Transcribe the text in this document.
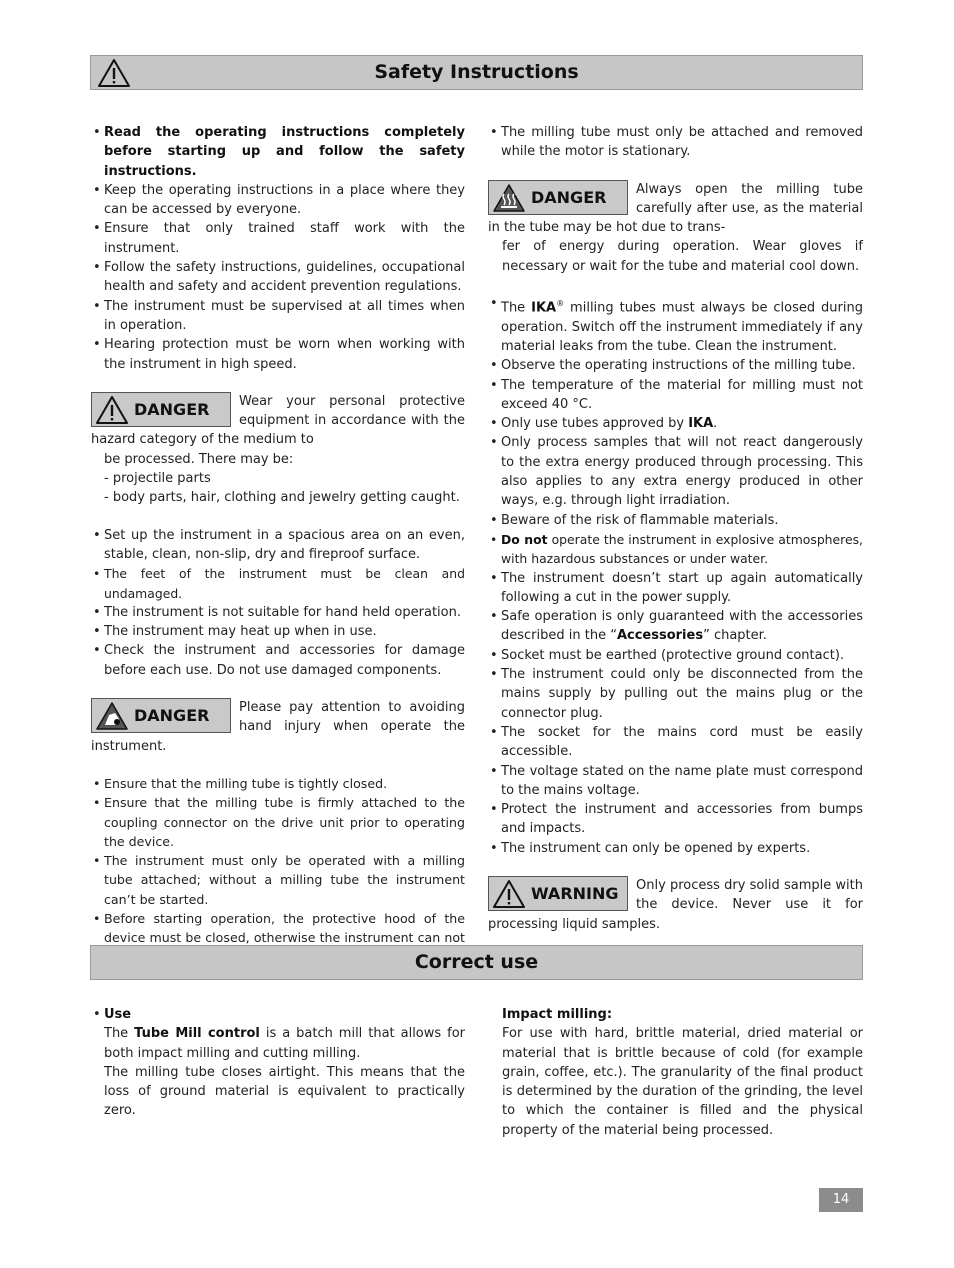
Safety Instructions
• Read the operating instructions completely before starting up and follow the safety instructions.
• Keep the operating instructions in a place where they can be accessed by everyone.
• Ensure that only trained staff work with the instrument.
• Follow the safety instructions, guidelines, occupational health and safety and accident prevention regulations.
• The instrument must be supervised at all times when in operation.
• Hearing protection must be worn when working with the instrument in high speed.
DANGER	Wear your personal protective equipment in accordance with the hazard category of the medium to
be processed. There may be:
- projectile parts
- body parts, hair, clothing and jewelry getting caught.
• Set up the instrument in a spacious area on an even, stable, clean, non-slip, dry and fireproof surface.
• The feet of the instrument must be clean and undamaged.
• The instrument is not suitable for hand held operation.
• The instrument may heat up when in use.
• Check the instrument and accessories for damage before each use. Do not use damaged components.
DANGER	Please pay attention to avoiding hand injury when operate the instrument.
• Ensure that the milling tube is tightly closed.
• Ensure that the milling tube is firmly attached to the coupling connector on the drive unit prior to operating the device.
• The instrument must only be operated with a milling tube attached; without a milling tube the instrument can’t be started.
• Before starting operation, the protective hood of the device must be closed, otherwise the instrument can not
• The milling tube must only be attached and removed while the motor is stationary.
DANGER	Always open the milling tube carefully after use, as the material in the tube may be hot due to trans-
fer of energy during operation. Wear gloves if necessary or wait for the tube and material cool down.
• The IKA® milling tubes must always be closed during operation. Switch off the instrument immediately if any material leaks from the tube. Clean the instrument.
• Observe the operating instructions of the milling tube.
• The temperature of the material for milling must not exceed 40 °C.
• Only use tubes approved by IKA.
• Only process samples that will not react dangerously to the extra energy produced through processing. This also applies to any extra energy produced in other ways, e.g. through light irradiation.
• Beware of the risk of flammable materials.
• Do not operate the instrument in explosive atmospheres, with hazardous substances or under water.
• The instrument doesn’t start up again automatically following a cut in the power supply.
• Safe operation is only guaranteed with the accessories described in the “Accessories” chapter.
• Socket must be earthed (protective ground contact).
• The instrument could only be disconnected from the mains supply by pulling out the mains plug or the connector plug.
• The socket for the mains cord must be easily accessible.
• The voltage stated on the name plate must correspond to the mains voltage.
• Protect the instrument and accessories from bumps and impacts.
• The instrument can only be opened by experts.
WARNING	Only process dry solid sample with the device. Never use it for processing liquid samples.
Correct use
• Use
The Tube Mill control is a batch mill that allows for both impact milling and cutting milling.
The milling tube closes airtight. This means that the loss of ground material is equivalent to practically zero.
Impact milling:
For use with hard, brittle material, dried material or material that is brittle because of cold (for example grain, coffee, etc.). The granularity of the final product is determined by the duration of the grinding, the level to which the container is filled and the physical property of the material being processed.
14
